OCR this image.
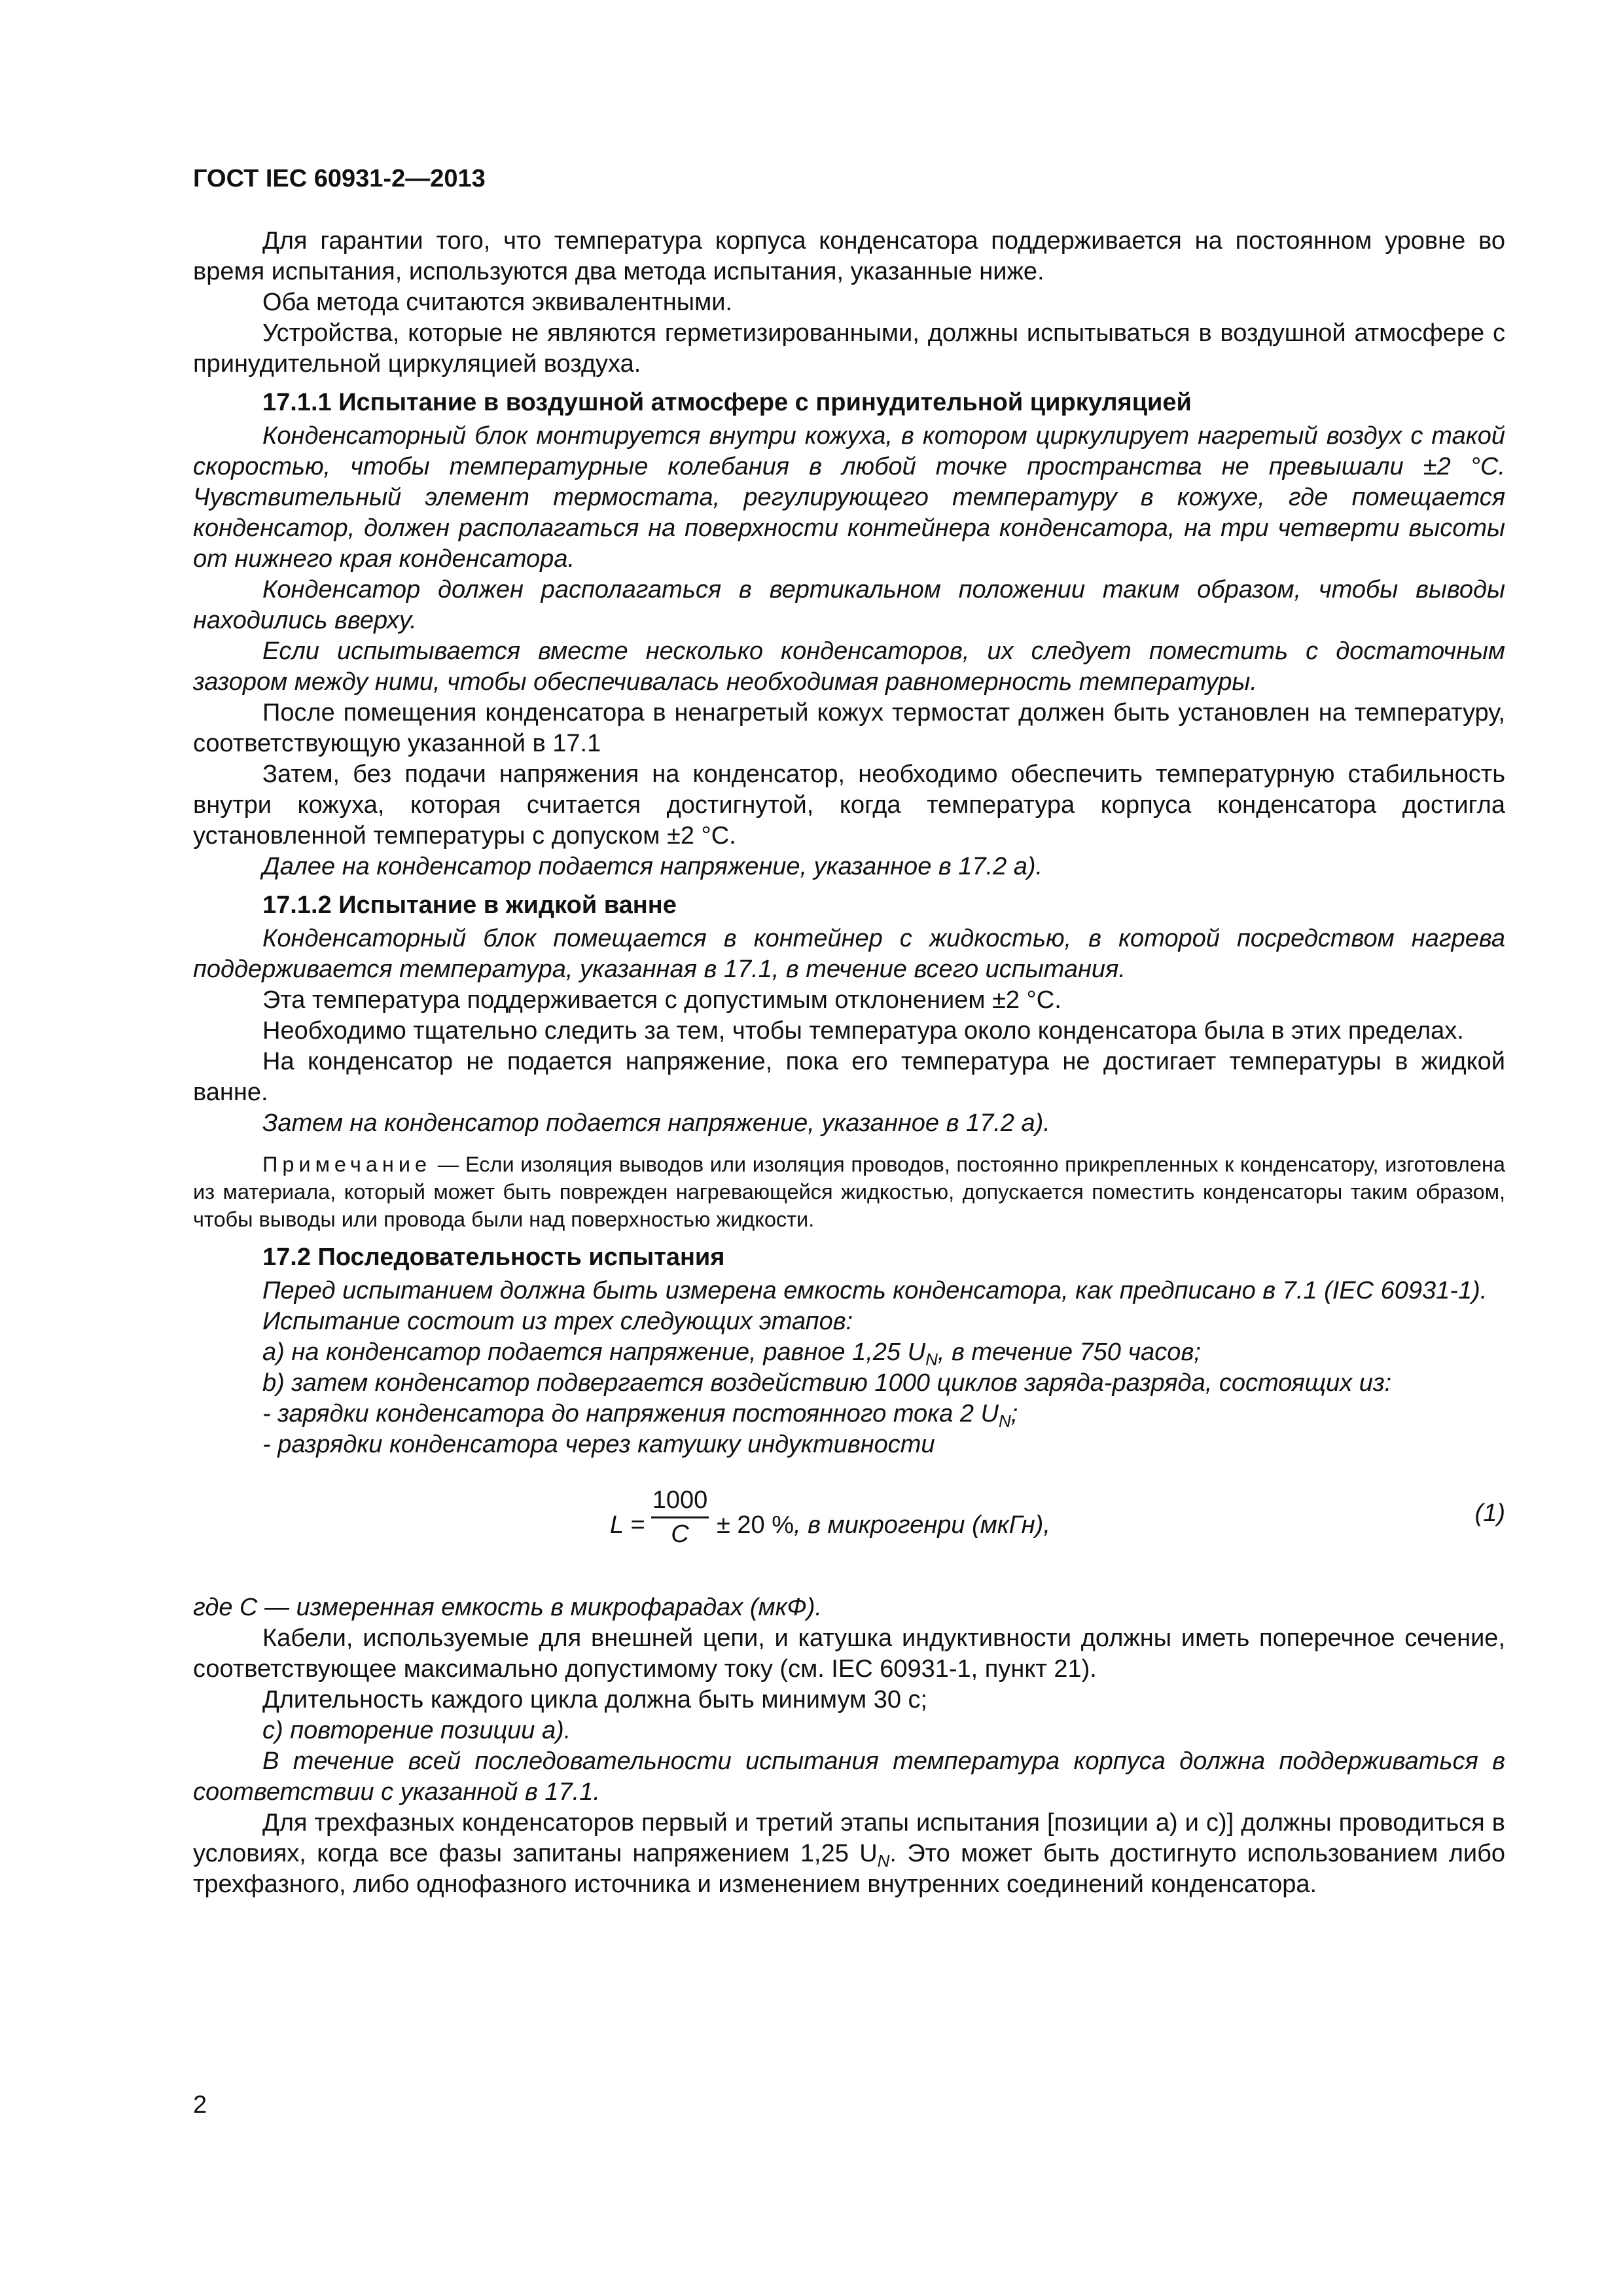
ГОСТ IEC 60931-2—2013

Для гарантии того, что температура корпуса конденсатора поддерживается на постоянном уровне во время испытания, используются два метода испытания, указанные ниже.

Оба метода считаются эквивалентными.

Устройства, которые не являются герметизированными, должны испытываться в воздушной атмосфере с принудительной циркуляцией воздуха.

17.1.1 Испытание в воздушной атмосфере с принудительной циркуляцией

Конденсаторный блок монтируется внутри кожуха, в котором циркулирует нагретый воздух с такой скоростью, чтобы температурные колебания в любой точке пространства не превышали ±2 °С. Чувствительный элемент термостата, регулирующего температуру в кожухе, где помещается конденсатор, должен располагаться на поверхности контейнера конденсатора, на три четверти высоты от нижнего края конденсатора.

Конденсатор должен располагаться в вертикальном положении таким образом, чтобы выводы находились вверху.

Если испытывается вместе несколько конденсаторов, их следует поместить с достаточным зазором между ними, чтобы обеспечивалась необходимая равномерность температуры.

После помещения конденсатора в ненагретый кожух термостат должен быть установлен на температуру, соответствующую указанной в 17.1

Затем, без подачи напряжения на конденсатор, необходимо обеспечить температурную стабильность внутри кожуха, которая считается достигнутой, когда температура корпуса конденсатора достигла установленной температуры с допуском ±2 °С.

Далее на конденсатор подается напряжение, указанное в 17.2 а).

17.1.2 Испытание в жидкой ванне

Конденсаторный блок помещается в контейнер с жидкостью, в которой посредством нагрева поддерживается температура, указанная в 17.1, в течение всего испытания.

Эта температура поддерживается с допустимым отклонением ±2 °С.

Необходимо тщательно следить за тем, чтобы температура около конденсатора была в этих пределах.

На конденсатор не подается напряжение, пока его температура не достигает температуры в жидкой ванне.

Затем на конденсатор подается напряжение, указанное в 17.2 а).

Примечание — Если изоляция выводов или изоляция проводов, постоянно прикрепленных к конденсатору, изготовлена из материала, который может быть поврежден нагревающейся жидкостью, допускается поместить конденсаторы таким образом, чтобы выводы или провода были над поверхностью жидкости.

17.2 Последовательность испытания

Перед испытанием должна быть измерена емкость конденсатора, как предписано в 7.1 (IEC 60931-1).

Испытание состоит из трех следующих этапов:

a) на конденсатор подается напряжение, равное 1,25 $U_N$, в течение 750 часов;

b) затем конденсатор подвергается воздействию 1000 циклов заряда-разряда, состоящих из:

- зарядки конденсатора до напряжения постоянного тока 2 $U_N$;

- разрядки конденсатора через катушку индуктивности

$L = \frac{1000}{C} \pm 20$ %, в микрогенри (мкГн),	(1)

где С — измеренная емкость в микрофарадах (мкФ).

Кабели, используемые для внешней цепи, и катушка индуктивности должны иметь поперечное сечение, соответствующее максимально допустимому току (см. IEC 60931-1, пункт 21).

Длительность каждого цикла должна быть минимум 30 с;

с) повторение позиции а).

В течение всей последовательности испытания температура корпуса должна поддерживаться в соответствии с указанной в 17.1.

Для трехфазных конденсаторов первый и третий этапы испытания [позиции а) и с)] должны проводиться в условиях, когда все фазы запитаны напряжением 1,25 $U_N$. Это может быть достигнуто использованием либо трехфазного, либо однофазного источника и изменением внутренних соединений конденсатора.

2
